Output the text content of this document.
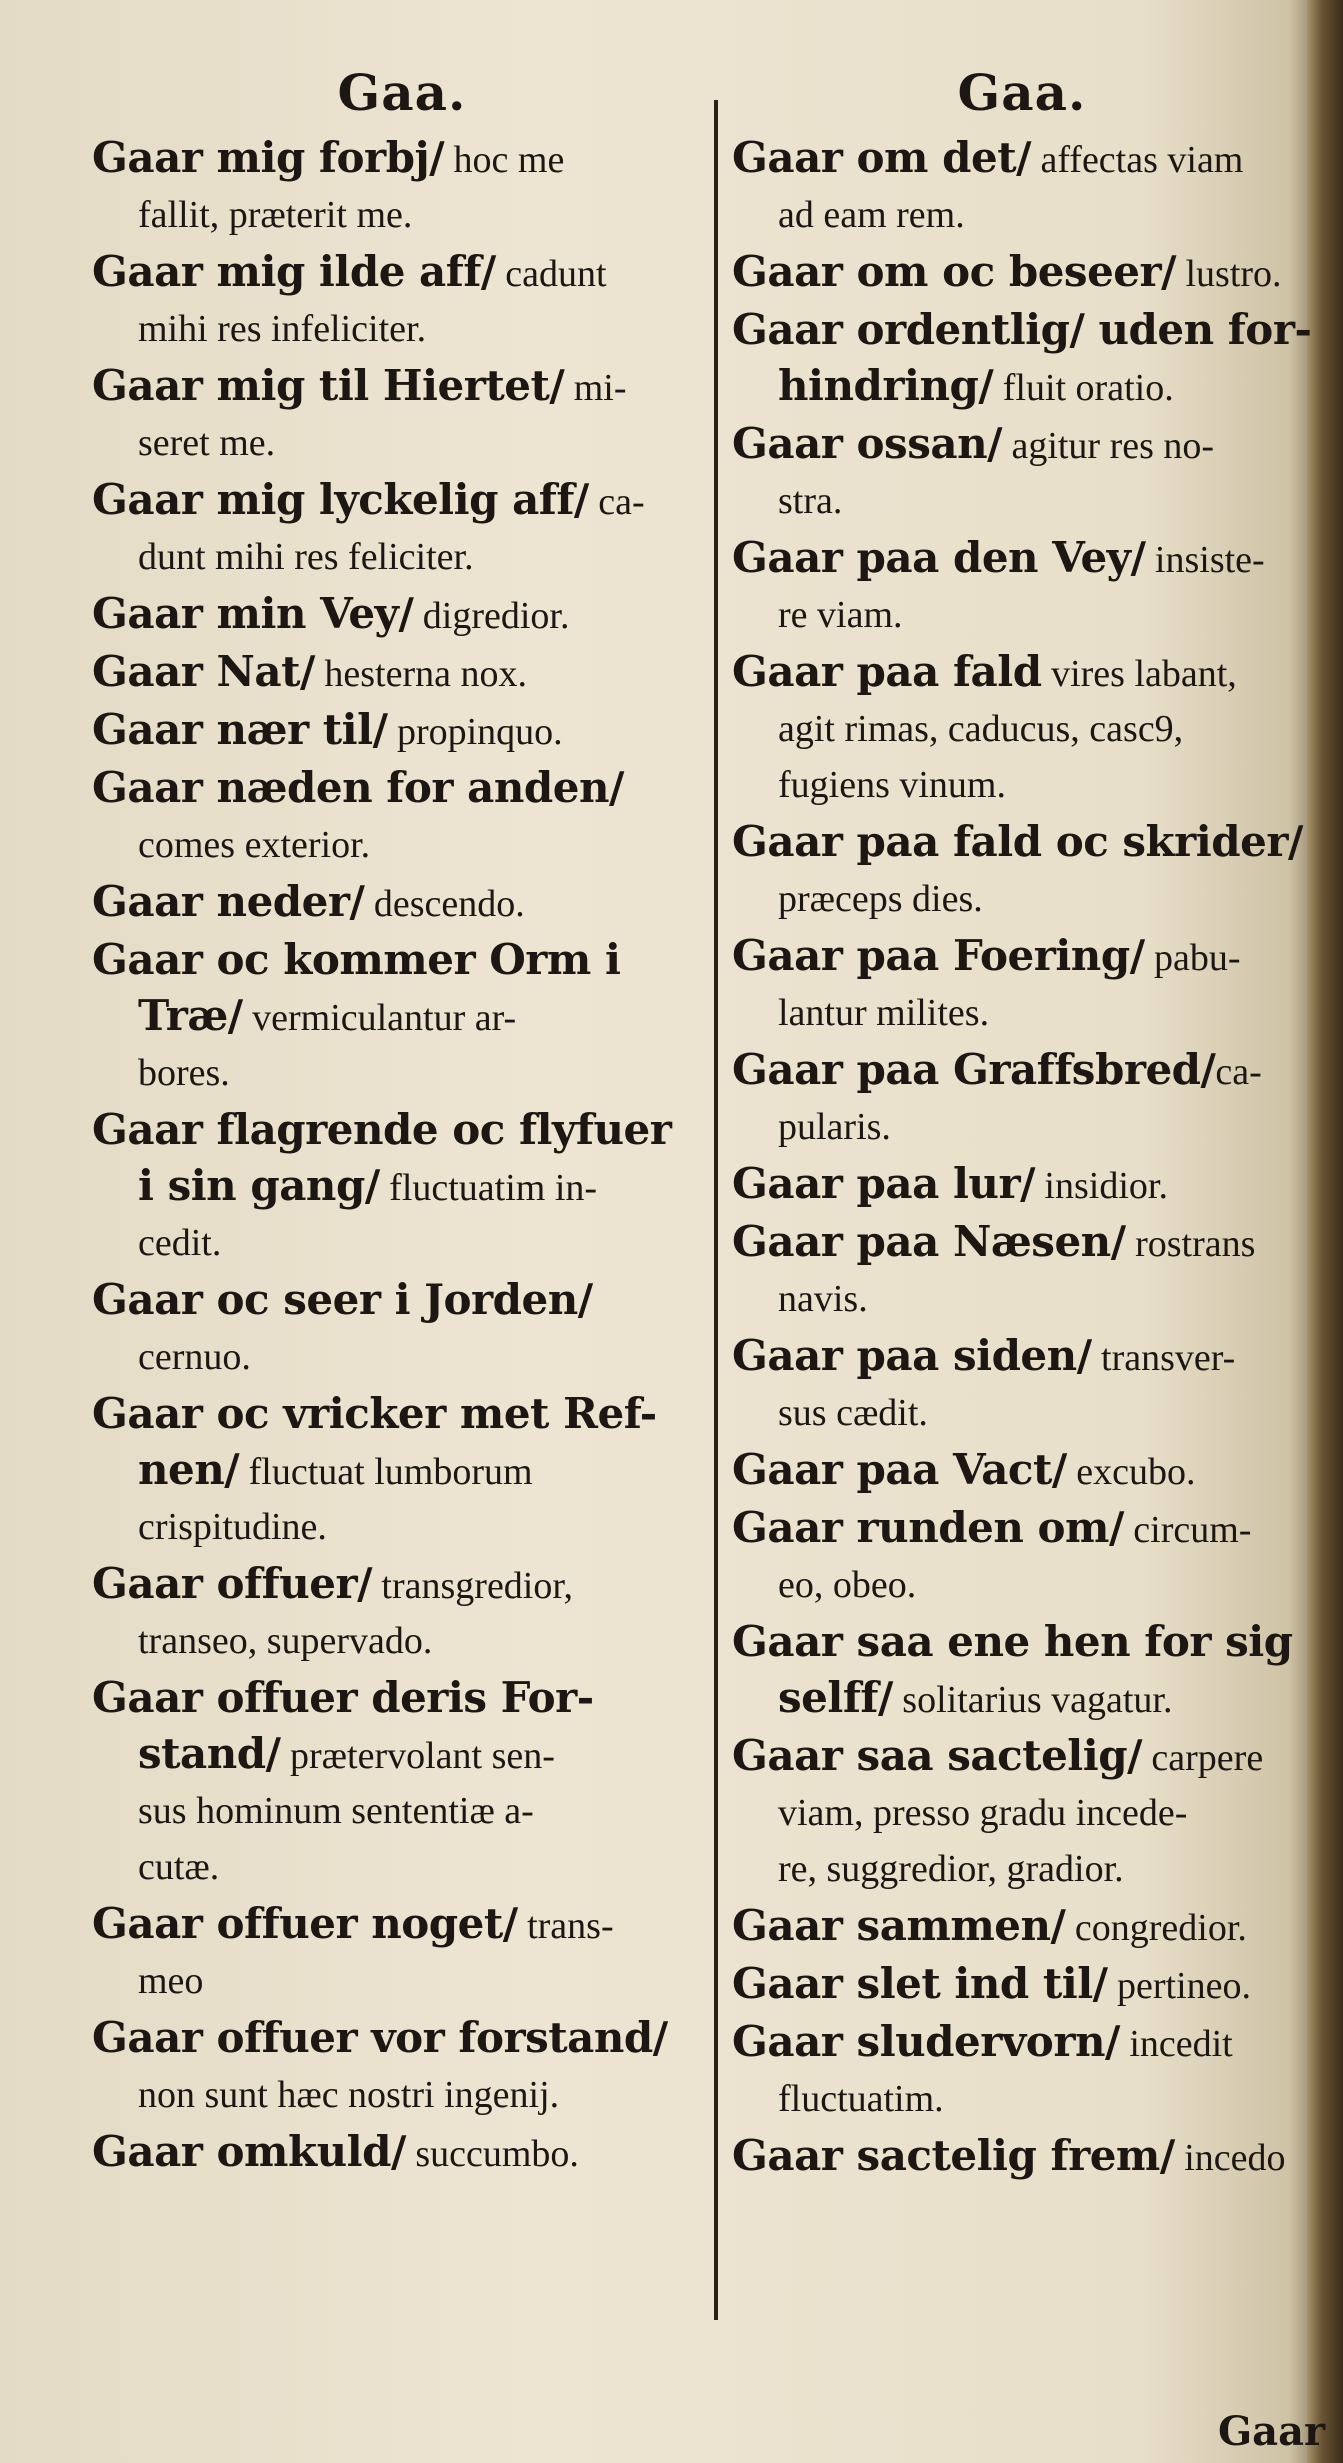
Gaa.
Gaar mig forbj/ hoc me
fallit, præterit me.
Gaar mig ilde aff/ cadunt
mihi res infeliciter.
Gaar mig til Hiertet/ mi-
seret me.
Gaar mig lyckelig aff/ ca-
dunt mihi res feliciter.
Gaar min Vey/ digredior.
Gaar Nat/ hesterna nox.
Gaar nær til/ propinquo.
Gaar næden for anden/
comes exterior.
Gaar neder/ descendo.
Gaar oc kommer Orm i
Træ/ vermiculantur ar-
bores.
Gaar flagrende oc flyfuer
i sin gang/ fluctuatim in-
cedit.
Gaar oc seer i Jorden/
cernuo.
Gaar oc vricker met Ref-
nen/ fluctuat lumborum
crispitudine.
Gaar offuer/ transgredior,
transeo, supervado.
Gaar offuer deris For-
stand/ prætervolant sen-
sus hominum sententiæ a-
cutæ.
Gaar offuer noget/ trans-
meo
Gaar offuer vor forstand/
non sunt hæc nostri ingenij.
Gaar omkuld/ succumbo.
Gaa.
Gaar om det/ affectas viam
ad eam rem.
Gaar om oc beseer/ lustro.
Gaar ordentlig/ uden for-
hindring/ fluit oratio.
Gaar ossan/ agitur res no-
stra.
Gaar paa den Vey/ insiste-
re viam.
Gaar paa fald vires labant,
agit rimas, caducus, casc9,
fugiens vinum.
Gaar paa fald oc skrider/
præceps dies.
Gaar paa Foering/ pabu-
lantur milites.
Gaar paa Graffsbred/ca-
pularis.
Gaar paa lur/ insidior.
Gaar paa Næsen/ rostrans
navis.
Gaar paa siden/ transver-
sus cædit.
Gaar paa Vact/ excubo.
Gaar runden om/ circum-
eo, obeo.
Gaar saa ene hen for sig
selff/ solitarius vagatur.
Gaar saa sactelig/ carpere
viam, presso gradu incede-
re, suggredior, gradior.
Gaar sammen/ congredior.
Gaar slet ind til/ pertineo.
Gaar sludervorn/ incedit
fluctuatim.
Gaar sactelig frem/ incedo
Gaar
